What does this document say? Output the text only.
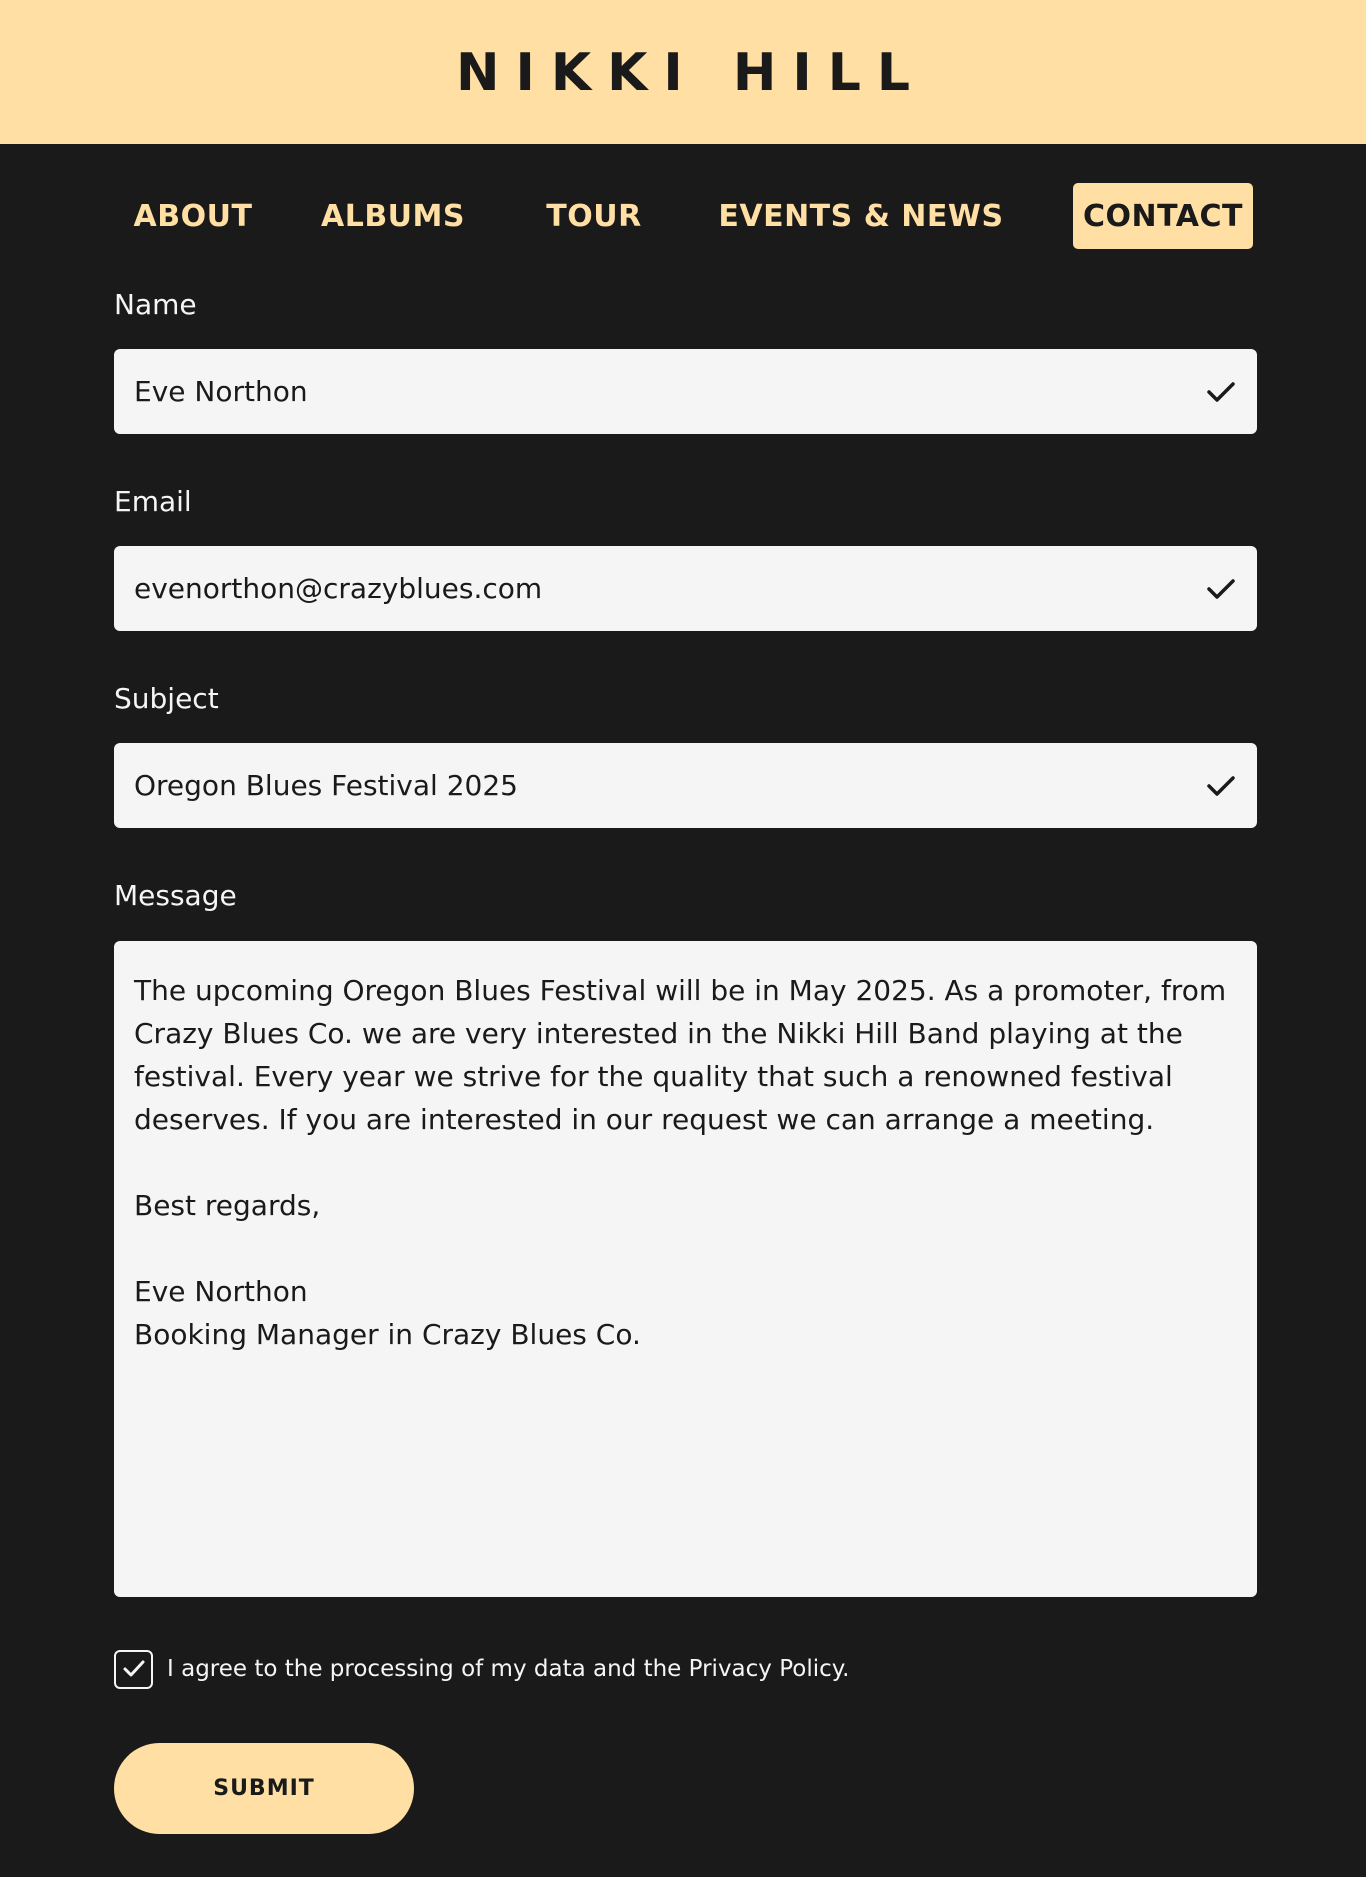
NIKKI HILL
ABOUT	ALBUMS	TOUR	EVENTS & NEWS	CONTACT
Name
Eve Northon
Email
evenorthon@crazyblues.com
Subject
Oregon Blues Festival 2025
Message
The upcoming Oregon Blues Festival will be in May 2025. As a promoter, from
Crazy Blues Co. we are very interested in the Nikki Hill Band playing at the
festival. Every year we strive for the quality that such a renowned festival
deserves. If you are interested in our request we can arrange a meeting.
Best regards,
Eve Northon
Booking Manager in Crazy Blues Co.
I agree to the processing of my data and the Privacy Policy.
SUBMIT
